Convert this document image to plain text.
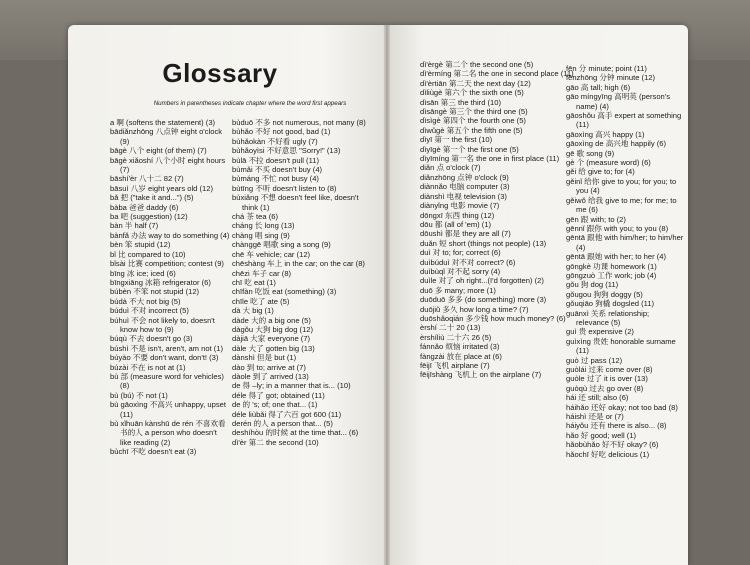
Glossary
Numbers in parentheses indicate chapter where the word first appears

a 啊 (softens the statement) (3)

bādiǎnzhōng 八点钟 eight o'clock (9)

bāgè 八个 eight (of them) (7)

bāgè xiǎoshí 八个小时 eight hours (7)

bāshí'èr 八十二 82 (7)

bāsuì 八岁 eight years old (12)

bǎ 把 ("take it and...") (5)

bàba 爸爸 daddy (6)

ba 吧 (suggestion) (12)

bàn 半 half (7)

bànfǎ 办法 way to do something (4)

bèn 笨 stupid (12)

bǐ 比 compared to (10)

bǐsài 比赛 competition; contest (9)

bīng 冰 ice; iced (6)

bīngxiāng 冰箱 refrigerator (6)

búbèn 不笨 not stupid (12)

búdà 不大 not big (5)

búduì 不对 incorrect (5)

búhuì 不会 not likely to, doesn't know how to (9)

búqù 不去 doesn't go (3)

búshì 不是 isn't, aren't, am not (1)

búyào 不要 don't want, don't! (3)

búzài 不在 is not at (1)

bù 部 (measure word for vehicles) (8)

bù (bú) 不 not (1)

bù gāoxìng 不高兴 unhappy, upset (11)

bù xǐhuān kànshū de rén 不喜欢看书的人 a person who doesn't like reading (2)

bùchī 不吃 doesn't eat (3)

bùduō 不多 not numerous, not many (8)

bùhǎo 不好 not good, bad (1)

bùhǎokàn 不好看 ugly (7)

bùhǎoyìsi 不好意思 "Sorry!" (13)

bùlā 不拉 doesn't pull (11)

bùmǎi 不买 doesn't buy (4)

bùmáng 不忙 not busy (4)

bùtīng 不听 doesn't listen to (8)

bùxiǎng 不想 doesn't feel like, doesn't think (1)

chá 茶 tea (6)

cháng 长 long (13)

chàng 唱 sing (9)

chànggē 唱歌 sing a song (9)

chē 车 vehicle; car (12)

chēshàng 车上 in the car; on the car (8)

chēzi 车子 car (8)

chī 吃 eat (1)

chīfàn 吃饭 eat (something) (3)

chīle 吃了 ate (5)

dà 大 big (1)

dàde 大的 a big one (5)

dàgǒu 大狗 big dog (12)

dàjiā 大家 everyone (7)

dàle 大了 gotten big (13)

dànshì 但是 but (1)

dào 到 to; arrive at (7)

dàole 到了 arrived (13)

de 得 –ly; in a manner that is... (10)

déle 得了 got; obtained (11)

de 的 's; of; one that... (1)

déle liùbǎi 得了六百 got 600 (11)

derén 的人 a person that... (5)

deshíhòu 的时候 at the time that... (6)

dì'èr 第二 the second (10)

dì'èrgè 第二个 the second one (5)

dì'èrmíng 第二名 the one in second place (11)

dì'èrtiān 第二天 the next day (12)

dìliùgè 第六个 the sixth one (5)

dìsān 第三 the third (10)

dìsāngè 第三个 the third one (5)

dìsìgè 第四个 the fourth one (5)

dìwǔgè 第五个 the fifth one (5)

dìyī 第一 the first (10)

dìyīgè 第一个 the first one (5)

dìyīmíng 第一名 the one in first place (11)

diǎn 点 o'clock (7)

diǎnzhōng 点钟 o'clock (9)

diànnǎo 电脑 computer (3)

diànshì 电视 television (3)

diànyǐng 电影 movie (7)

dōngxī 东西 thing (12)

dōu 都 (all of 'em) (1)

dōushì 都是 they are all (7)

duǎn 短 short (things not people) (13)

duì 对 to; for; correct (6)

duìbúduì 对不对 correct? (6)

duìbùqǐ 对不起 sorry (4)

duìle 对了 oh right...(I'd forgotten) (2)

duō 多 many; more (1)

duōduō 多多 (do something) more (3)

duōjiǔ 多久 how long a time? (7)

duōshǎoqián 多少钱 how much money? (6)

èrshí 二十 20 (13)

èrshíliù 二十六 26 (5)

fánnǎo 烦恼 irritated (3)

fàngzài 放在 place at (6)

fēijī 飞机 airplane (7)

fēijīshàng 飞机上 on the airplane (7)

fēn 分 minute; point (11)

fēnzhōng 分钟 minute (12)

gāo 高 tall; high (6)

gāo míngyīng 高明英 (person's name) (4)

gāoshǒu 高手 expert at something (11)

gāoxìng 高兴 happy (1)

gāoxìng de 高兴地 happily (6)

gē 歌 song (9)

gè 个 (measure word) (6)

gěi 给 give to; for (4)

gěinǐ 给你 give to you; for you; to you (4)

gěiwǒ 给我 give to me; for me; to me (6)

gēn 跟 with; to (2)

gēnnǐ 跟你 with you; to you (8)

gēntā 跟他 with him/her; to him/her (4)

gēntā 跟她 with her; to her (4)

gōngkè 功课 homework (1)

gōngzuò 工作 work; job (4)

gǒu 狗 dog (11)

gǒugou 狗狗 doggy (5)

gǒuqiāo 狗橇 dogsled (11)

guānxì 关系 relationship; relevance (5)

guì 贵 expensive (2)

guìxìng 贵姓 honorable surname (11)

guò 过 pass (12)

guòlái 过来 come over (8)

guòle 过了 it is over (13)

guòqù 过去 go over (8)

hái 还 still; also (6)

háihǎo 还好 okay; not too bad (8)

háishì 还是 or (7)

háiyǒu 还有 there is also... (8)

hǎo 好 good; well (1)

hǎobùhǎo 好不好 okay? (6)

hǎochī 好吃 delicious (1)
